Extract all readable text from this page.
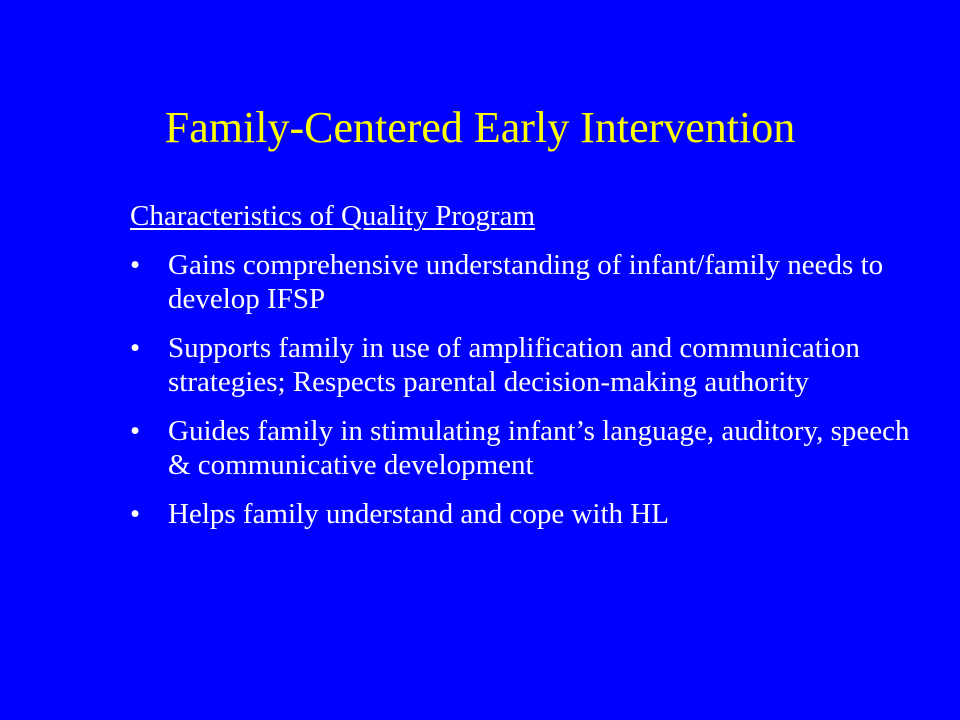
Family-Centered Early Intervention
Characteristics of Quality Program
• Gains comprehensive understanding of infant/family needs to develop IFSP
• Supports family in use of amplification and communication strategies; Respects parental decision-making authority
• Guides family in stimulating infant’s language, auditory, speech & communicative development
• Helps family understand and cope with HL
